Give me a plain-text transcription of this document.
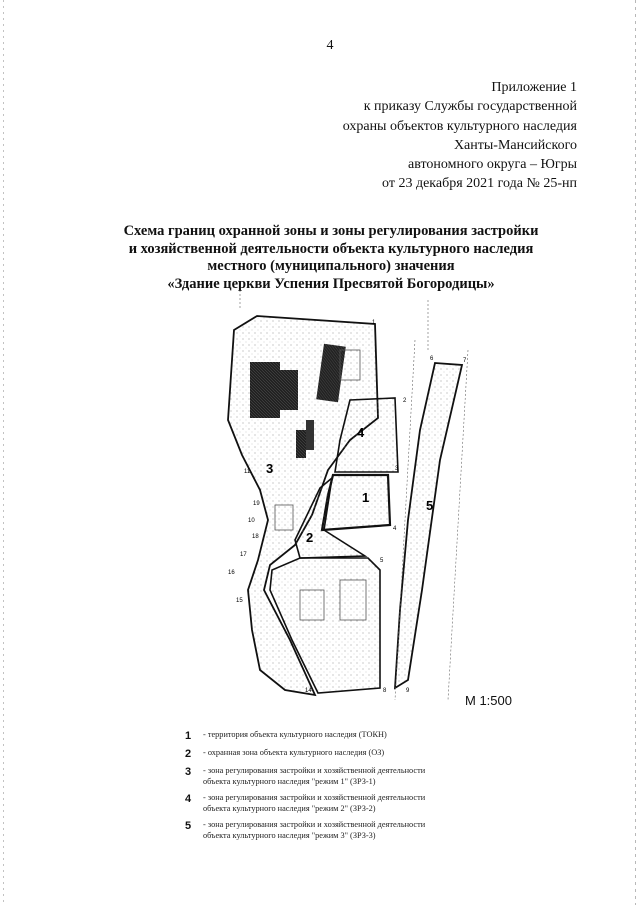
4
Приложение 1
к приказу Службы государственной
охраны объектов культурного наследия
Ханты-Мансийского
автономного округа – Югры
от 23 декабря 2021 года № 25-нп
Схема границ охранной зоны и зоны регулирования застройки
и хозяйственной деятельности объекта культурного наследия
местного (муниципального) значения
«Здание церкви Успения Пресвятой Богородицы»
4
1
2
3
5
10
11
14
15
16
17
18
19
1
2
3
4
5
6	7
8	9
М 1:500
1	- территория объекта культурного наследия (ТОКН)
2	- охранная зона объекта культурного наследия (ОЗ)
3	- зона регулирования застройки и хозяйственной деятельности
объекта культурного наследия "режим 1" (ЗРЗ-1)
4	- зона регулирования застройки и хозяйственной деятельности
объекта культурного наследия "режим 2" (ЗРЗ-2)
5	- зона регулирования застройки и хозяйственной деятельности
объекта культурного наследия "режим 3" (ЗРЗ-3)
